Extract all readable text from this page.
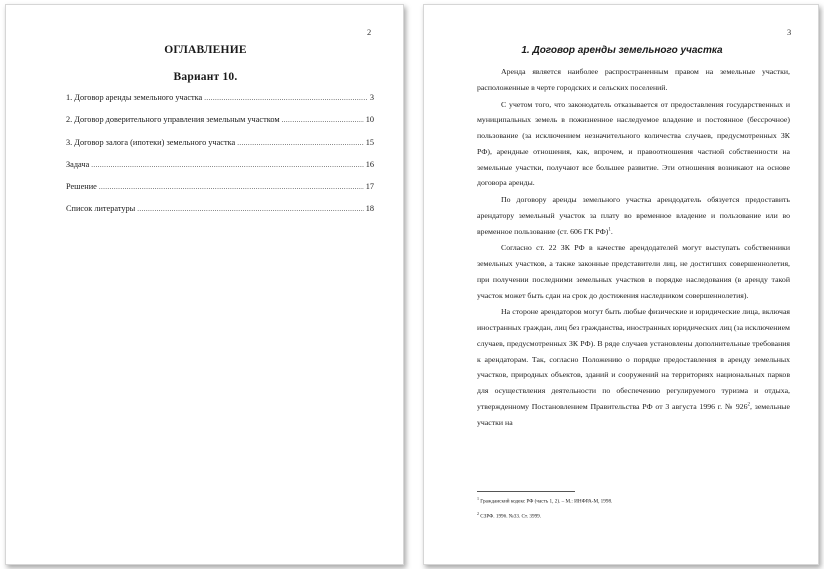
2
ОГЛАВЛЕНИЕ
Вариант 10.
1. Договор аренды земельного участка .....	3
2. Договор доверительного управления земельным участком .....	10
3. Договор залога (ипотеки) земельного участка .....	15
Задача .....	16
Решение .....	17
Список литературы .....	18
3
1. Договор аренды земельного участка

Аренда является наиболее распространенным правом на земельные участки, расположенные в черте городских и сельских поселений.

С учетом того, что законодатель отказывается от предоставления государственных и муниципальных земель в пожизненное наследуемое владение и постоянное (бессрочное) пользование (за исключением незначительного количества случаев, предусмотренных ЗК РФ), арендные отношения, как, впрочем, и правоотношения частной собственности на земельные участки, получают все большее развитие. Эти отношения возникают на основе договора аренды.

По договору аренды земельного участка арендодатель обязуется предоставить арендатору земельный участок за плату во временное владение и пользование или во временное пользование (ст. 606 ГК РФ)$^1$.

Согласно ст. 22 ЗК РФ в качестве арендодателей могут выступать собственники земельных участков, а также законные представители лиц, не достигших совершеннолетия, при получении последними земельных участков в порядке наследования (в аренду такой участок может быть сдан на срок до достижения наследником совершеннолетия).

На стороне арендаторов могут быть любые физические и юридические лица, включая иностранных граждан, лиц без гражданства, иностранных юридических лиц (за исключением случаев, предусмотренных ЗК РФ). В ряде случаев установлены дополнительные требования к арендаторам. Так, согласно Положению о порядке предоставления в аренду земельных участков, природных объектов, зданий и сооружений на территориях национальных парков для осуществления деятельности по обеспечению регулируемого туризма и отдыха, утвержденному Постановлением Правительства РФ от 3 августа 1996 г. № $926^2$, земельные участки на

$^1$ Гражданский кодекс РФ (часть 1, 2). – М.: ИНФРА-М, 1998.
$^2$ СЗРФ. 1996. №33. Ст. 3999.
